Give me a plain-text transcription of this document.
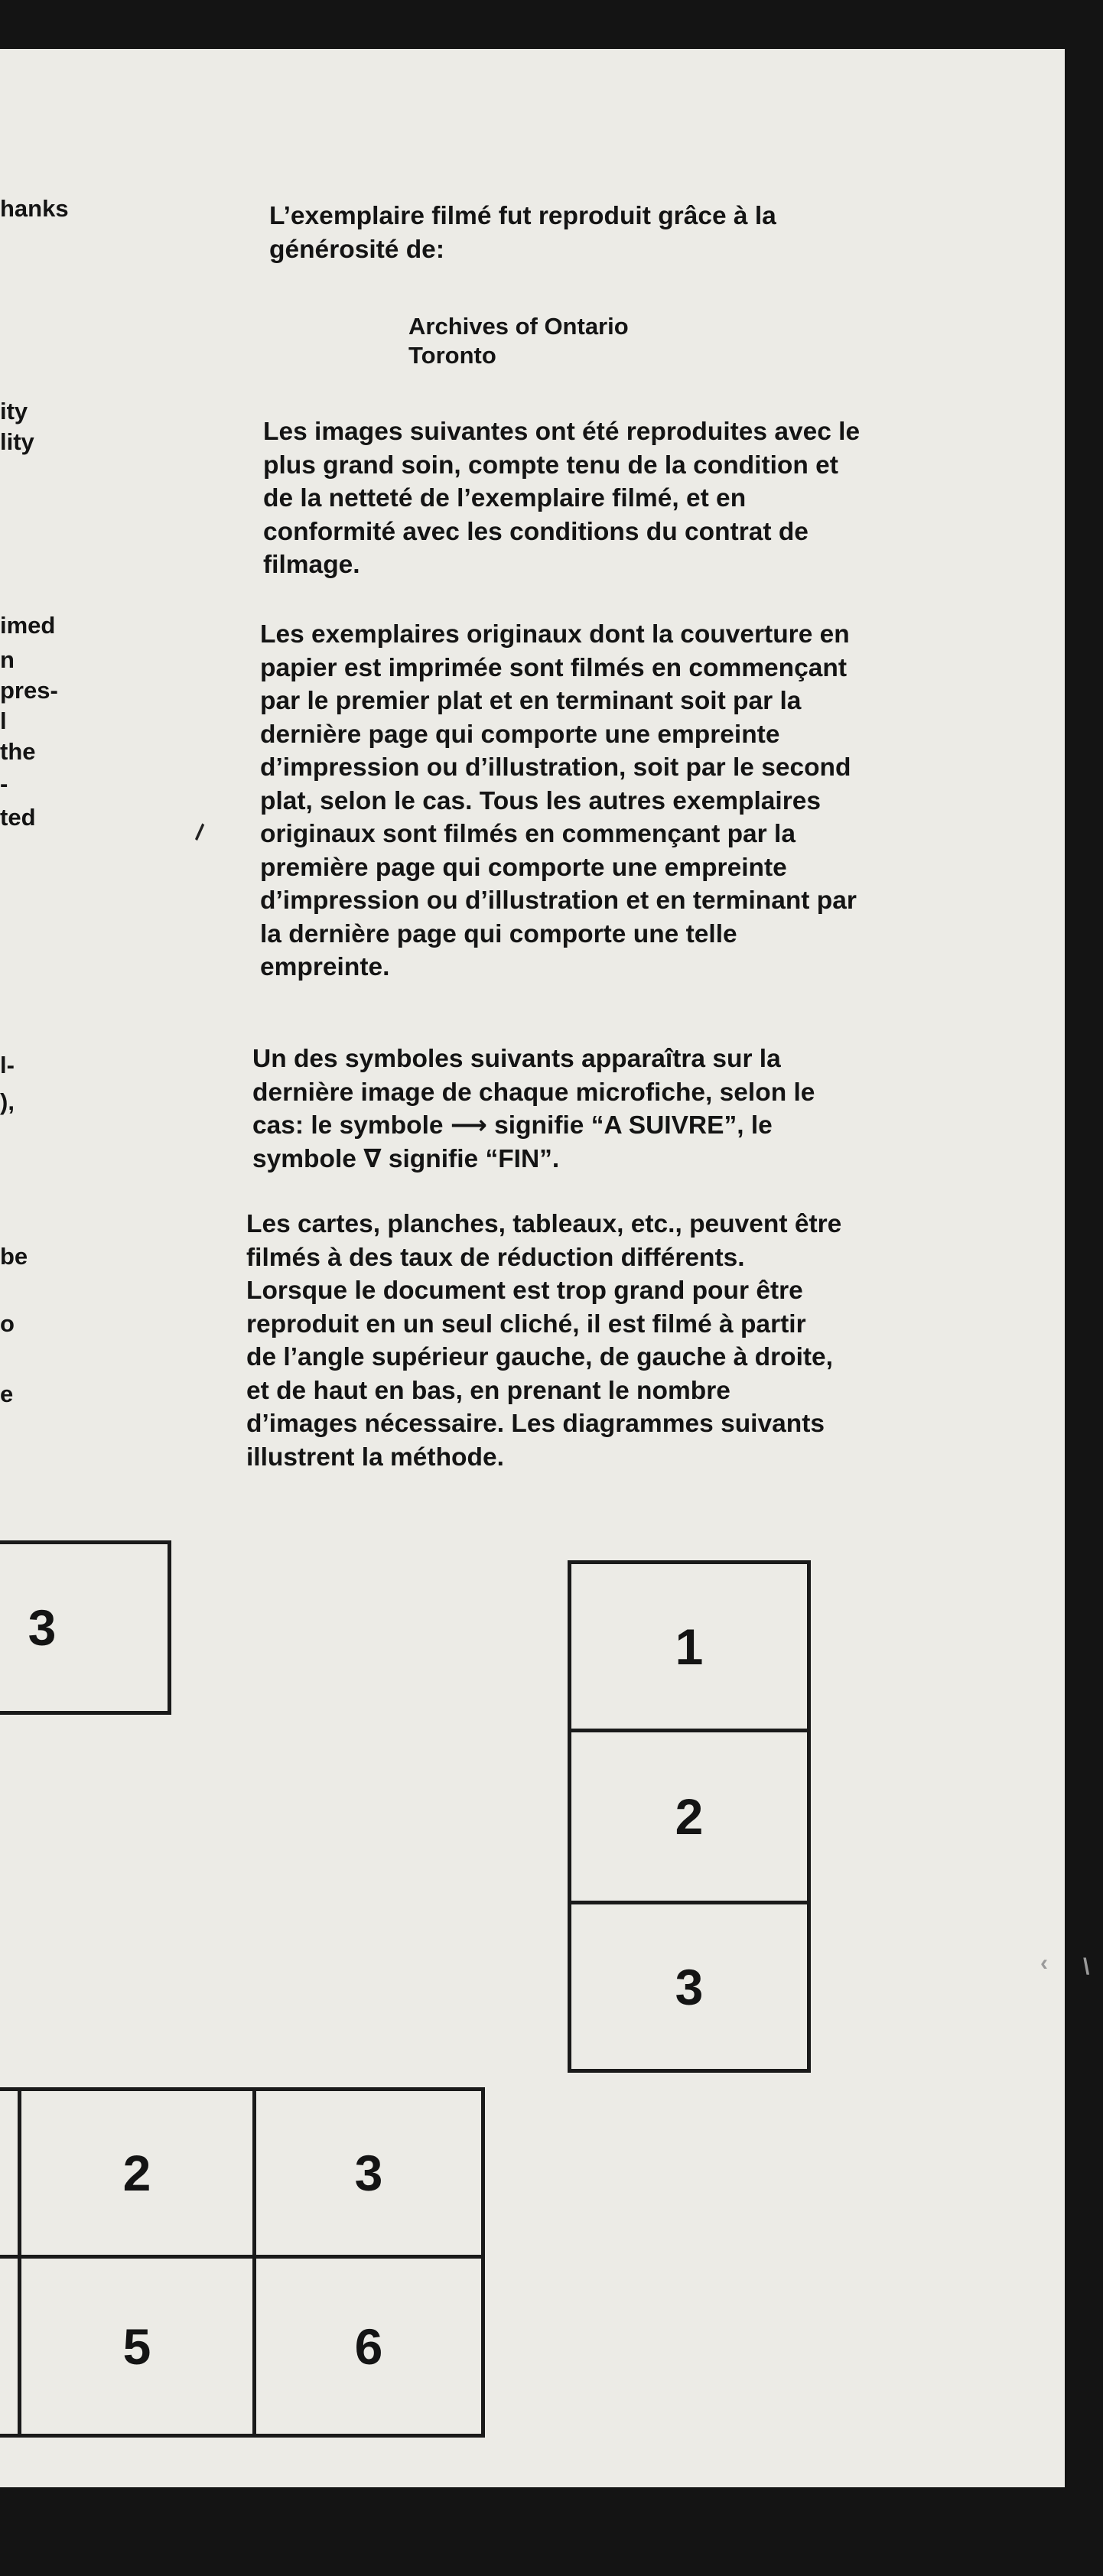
hanks
ity
lity
imed
n
pres-
l
the
-
ted
l-
),
be
o
e
L’exemplaire filmé fut reproduit grâce à la
générosité de:
Archives of Ontario
Toronto
Les images suivantes ont été reproduites avec le
plus grand soin, compte tenu de la condition et
de la netteté de l’exemplaire filmé, et en
conformité avec les conditions du contrat de
filmage.
Les exemplaires originaux dont la couverture en
papier est imprimée sont filmés en commençant
par le premier plat et en terminant soit par la
dernière page qui comporte une empreinte
d’impression ou d’illustration, soit par le second
plat, selon le cas. Tous les autres exemplaires
originaux sont filmés en commençant par la
première page qui comporte une empreinte
d’impression ou d’illustration et en terminant par
la dernière page qui comporte une telle
empreinte.
Un des symboles suivants apparaîtra sur la
dernière image de chaque microfiche, selon le
cas: le symbole ⟶ signifie “A SUIVRE”, le
symbole ∇ signifie “FIN”.
Les cartes, planches, tableaux, etc., peuvent être
filmés à des taux de réduction différents.
Lorsque le document est trop grand pour être
reproduit en un seul cliché, il est filmé à partir
de l’angle supérieur gauche, de gauche à droite,
et de haut en bas, en prenant le nombre
d’images nécessaire. Les diagrammes suivants
illustrent la méthode.
\
3	1
2
3
2	3
5	6
‹ \
